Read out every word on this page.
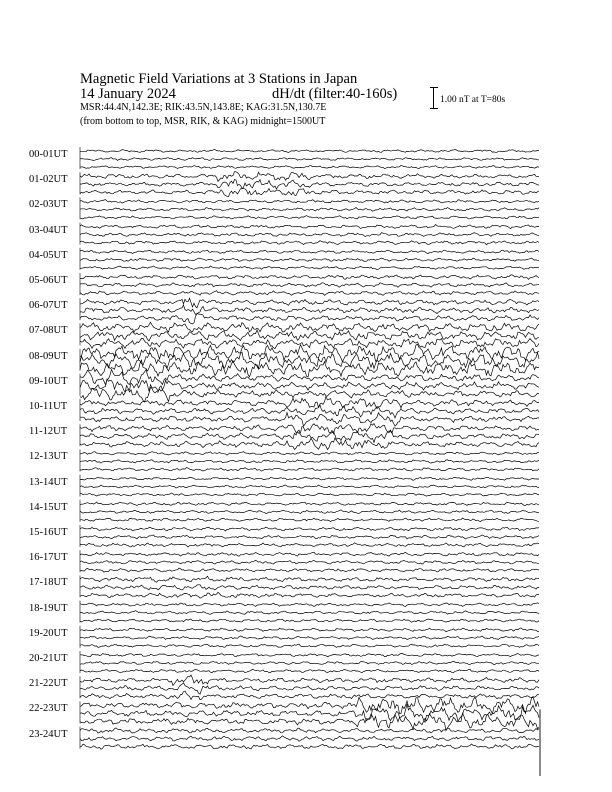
Magnetic Field Variations at 3 Stations in Japan
14 January 2024	dH/dt (filter:40-160s)
MSR:44.4N,142.3E; RIK:43.5N,143.8E; KAG:31.5N,130.7E
(from bottom to top, MSR, RIK, & KAG) midnight=1500UT
1.00 nT at T=80s
00-01UT
01-02UT
02-03UT
03-04UT
04-05UT
05-06UT
06-07UT
07-08UT
08-09UT
09-10UT
10-11UT
11-12UT
12-13UT
13-14UT
14-15UT
15-16UT
16-17UT
17-18UT
18-19UT
19-20UT
20-21UT
21-22UT
22-23UT
23-24UT
